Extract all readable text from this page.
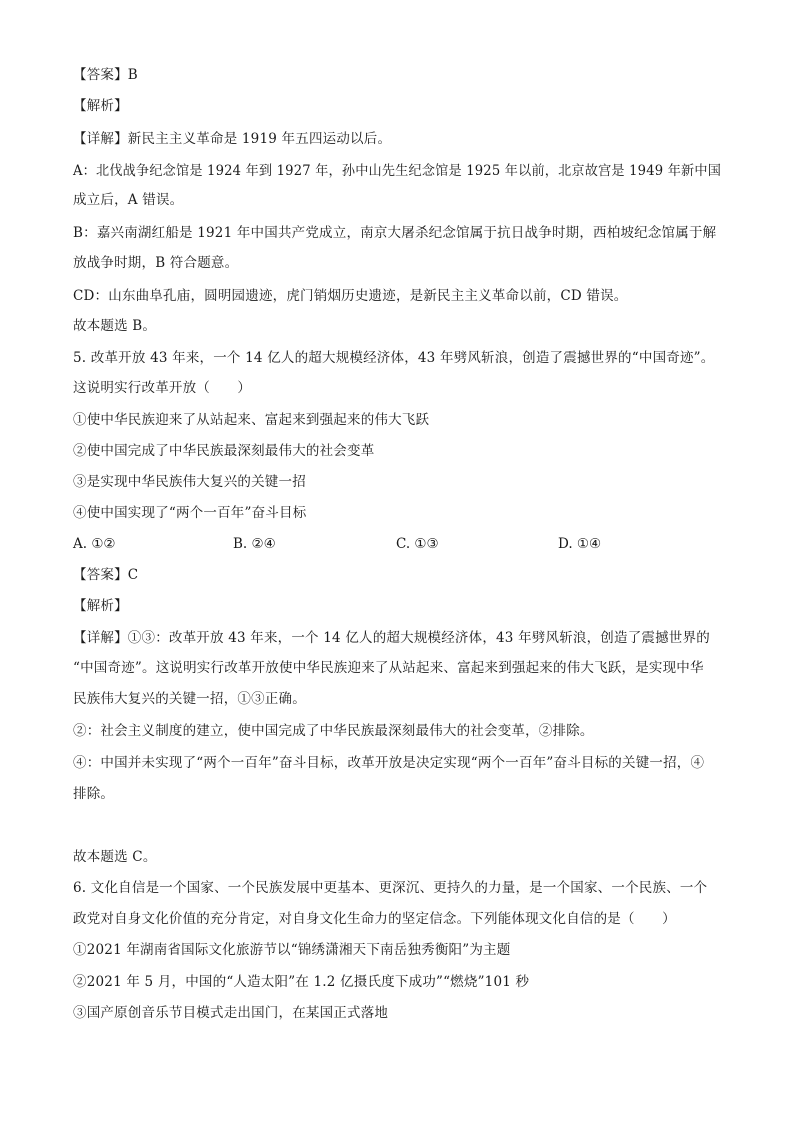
【答案】B
【解析】
【详解】新民主主义革命是 1919 年五四运动以后。
A：北伐战争纪念馆是 1924 年到 1927 年，孙中山先生纪念馆是 1925 年以前，北京故宫是 1949 年新中国
成立后，A 错误。
B：嘉兴南湖红船是 1921 年中国共产党成立，南京大屠杀纪念馆属于抗日战争时期，西柏坡纪念馆属于解
放战争时期，B 符合题意。
CD：山东曲阜孔庙，圆明园遗迹，虎门销烟历史遗迹，是新民主主义革命以前，CD 错误。
故本题选 B。
5. 改革开放 43 年来，一个 14 亿人的超大规模经济体，43 年劈风斩浪，创造了震撼世界的“中国奇迹”。
这说明实行改革开放（　　）
①使中华民族迎来了从站起来、富起来到强起来的伟大飞跃
②使中国完成了中华民族最深刻最伟大的社会变革
③是实现中华民族伟大复兴的关键一招
④使中国实现了“两个一百年”奋斗目标
A. ①②	B. ②④	C. ①③	D. ①④
【答案】C
【解析】
【详解】①③：改革开放 43 年来，一个 14 亿人的超大规模经济体，43 年劈风斩浪，创造了震撼世界的
“中国奇迹”。这说明实行改革开放使中华民族迎来了从站起来、富起来到强起来的伟大飞跃，是实现中华
民族伟大复兴的关键一招，①③正确。
②：社会主义制度的建立，使中国完成了中华民族最深刻最伟大的社会变革，②排除。
④：中国并未实现了“两个一百年”奋斗目标，改革开放是决定实现“两个一百年”奋斗目标的关键一招，④
排除。
故本题选 C。
6. 文化自信是一个国家、一个民族发展中更基本、更深沉、更持久的力量，是一个国家、一个民族、一个
政党对自身文化价值的充分肯定，对自身文化生命力的坚定信念。下列能体现文化自信的是（　　）
①2021 年湖南省国际文化旅游节以“锦绣潇湘天下南岳独秀衡阳”为主题
②2021 年 5 月，中国的“人造太阳”在 1.2 亿摄氏度下成功”“燃烧”101 秒
③国产原创音乐节目模式走出国门，在某国正式落地
